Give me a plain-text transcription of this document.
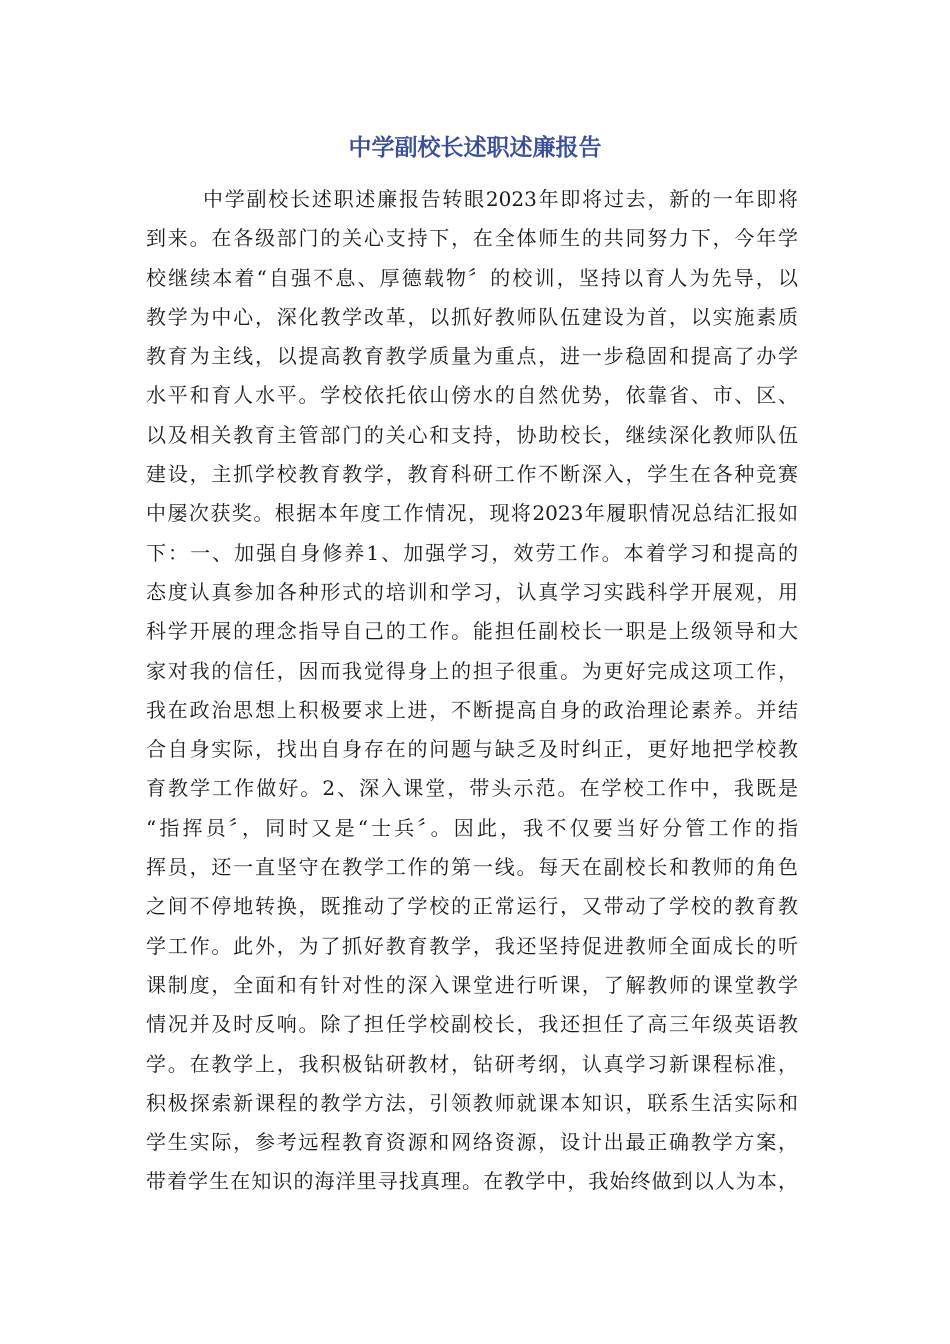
中学副校长述职述廉报告
中学副校长述职述廉报告转眼2023年即将过去，新的一年即将
到来。在各级部门的关心支持下，在全体师生的共同努力下，今年学
校继续本着“自强不息、厚德载物〞的校训，坚持以育人为先导，以
教学为中心，深化教学改革，以抓好教师队伍建设为首，以实施素质
教育为主线，以提高教育教学质量为重点，进一步稳固和提高了办学
水平和育人水平。学校依托依山傍水的自然优势，依靠省、市、区、
以及相关教育主管部门的关心和支持，协助校长，继续深化教师队伍
建设，主抓学校教育教学，教育科研工作不断深入，学生在各种竞赛
中屡次获奖。根据本年度工作情况，现将2023年履职情况总结汇报如
下：一、加强自身修养1、加强学习，效劳工作。本着学习和提高的
态度认真参加各种形式的培训和学习，认真学习实践科学开展观，用
科学开展的理念指导自己的工作。能担任副校长一职是上级领导和大
家对我的信任，因而我觉得身上的担子很重。为更好完成这项工作，
我在政治思想上积极要求上进，不断提高自身的政治理论素养。并结
合自身实际，找出自身存在的问题与缺乏及时纠正，更好地把学校教
育教学工作做好。2、深入课堂，带头示范。在学校工作中，我既是
“指挥员〞，同时又是“士兵〞。因此，我不仅要当好分管工作的指
挥员，还一直坚守在教学工作的第一线。每天在副校长和教师的角色
之间不停地转换，既推动了学校的正常运行，又带动了学校的教育教
学工作。此外，为了抓好教育教学，我还坚持促进教师全面成长的听
课制度，全面和有针对性的深入课堂进行听课，了解教师的课堂教学
情况并及时反响。除了担任学校副校长，我还担任了高三年级英语教
学。在教学上，我积极钻研教材，钻研考纲，认真学习新课程标准，
积极探索新课程的教学方法，引领教师就课本知识，联系生活实际和
学生实际，参考远程教育资源和网络资源，设计出最正确教学方案，
带着学生在知识的海洋里寻找真理。在教学中，我始终做到以人为本，
